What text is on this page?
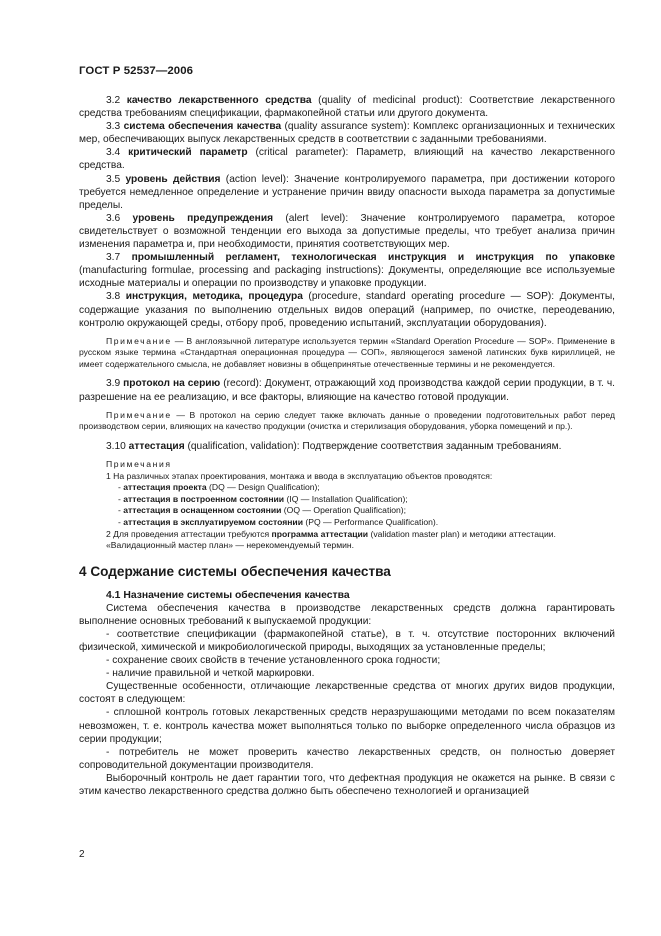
ГОСТ Р 52537—2006

3.2 качество лекарственного средства (quality of medicinal product): Соответствие лекарственного средства требованиям спецификации, фармакопейной статьи или другого документа.

3.3 система обеспечения качества (quality assurance system): Комплекс организационных и технических мер, обеспечивающих выпуск лекарственных средств в соответствии с заданными требованиями.

3.4 критический параметр (critical parameter): Параметр, влияющий на качество лекарственного средства.

3.5 уровень действия (action level): Значение контролируемого параметра, при достижении которого требуется немедленное определение и устранение причин ввиду опасности выхода параметра за допустимые пределы.

3.6 уровень предупреждения (alert level): Значение контролируемого параметра, которое свидетельствует о возможной тенденции его выхода за допустимые пределы, что требует анализа причин изменения параметра и, при необходимости, принятия соответствующих мер.

3.7 промышленный регламент, технологическая инструкция и инструкция по упаковке (manufacturing formulae, processing and packaging instructions): Документы, определяющие все используемые исходные материалы и операции по производству и упаковке продукции.

3.8 инструкция, методика, процедура (procedure, standard operating procedure — SOP): Документы, содержащие указания по выполнению отдельных видов операций (например, по очистке, переодеванию, контролю окружающей среды, отбору проб, проведению испытаний, эксплуатации оборудования).

Примечание — В англоязычной литературе используется термин «Standard Operation Procedure — SOP». Применение в русском языке термина «Стандартная операционная процедура — СОП», являющегося заменой латинских букв кириллицей, не имеет содержательного смысла, не добавляет новизны в общепринятые отечественные термины и не рекомендуется.

3.9 протокол на серию (record): Документ, отражающий ход производства каждой серии продукции, в т. ч. разрешение на ее реализацию, и все факторы, влияющие на качество готовой продукции.

Примечание — В протокол на серию следует также включать данные о проведении подготовительных работ перед производством серии, влияющих на качество продукции (очистка и стерилизация оборудования, уборка помещений и пр.).

3.10 аттестация (qualification, validation): Подтверждение соответствия заданным требованиям.

Примечания

1 На различных этапах проектирования, монтажа и ввода в эксплуатацию объектов проводятся:

- аттестация проекта (DQ — Design Qualification);

- аттестация в построенном состоянии (IQ — Installation Qualification);

- аттестация в оснащенном состоянии (OQ — Operation Qualification);

- аттестация в эксплуатируемом состоянии (PQ — Performance Qualification).

2 Для проведения аттестации требуются программа аттестации (validation master plan) и методики аттестации.

«Валидационный мастер план» — нерекомендуемый термин.

4 Содержание системы обеспечения качества

4.1 Назначение системы обеспечения качества

Система обеспечения качества в производстве лекарственных средств должна гарантировать выполнение основных требований к выпускаемой продукции:

- соответствие спецификации (фармакопейной статье), в т. ч. отсутствие посторонних включений физической, химической и микробиологической природы, выходящих за установленные пределы;

- сохранение своих свойств в течение установленного срока годности;

- наличие правильной и четкой маркировки.

Существенные особенности, отличающие лекарственные средства от многих других видов продукции, состоят в следующем:

- сплошной контроль готовых лекарственных средств неразрушающими методами по всем показателям невозможен, т. е. контроль качества может выполняться только по выборке определенного числа образцов из серии продукции;

- потребитель не может проверить качество лекарственных средств, он полностью доверяет сопроводительной документации производителя.

Выборочный контроль не дает гарантии того, что дефектная продукция не окажется на рынке. В связи с этим качество лекарственного средства должно быть обеспечено технологией и организацией

2
